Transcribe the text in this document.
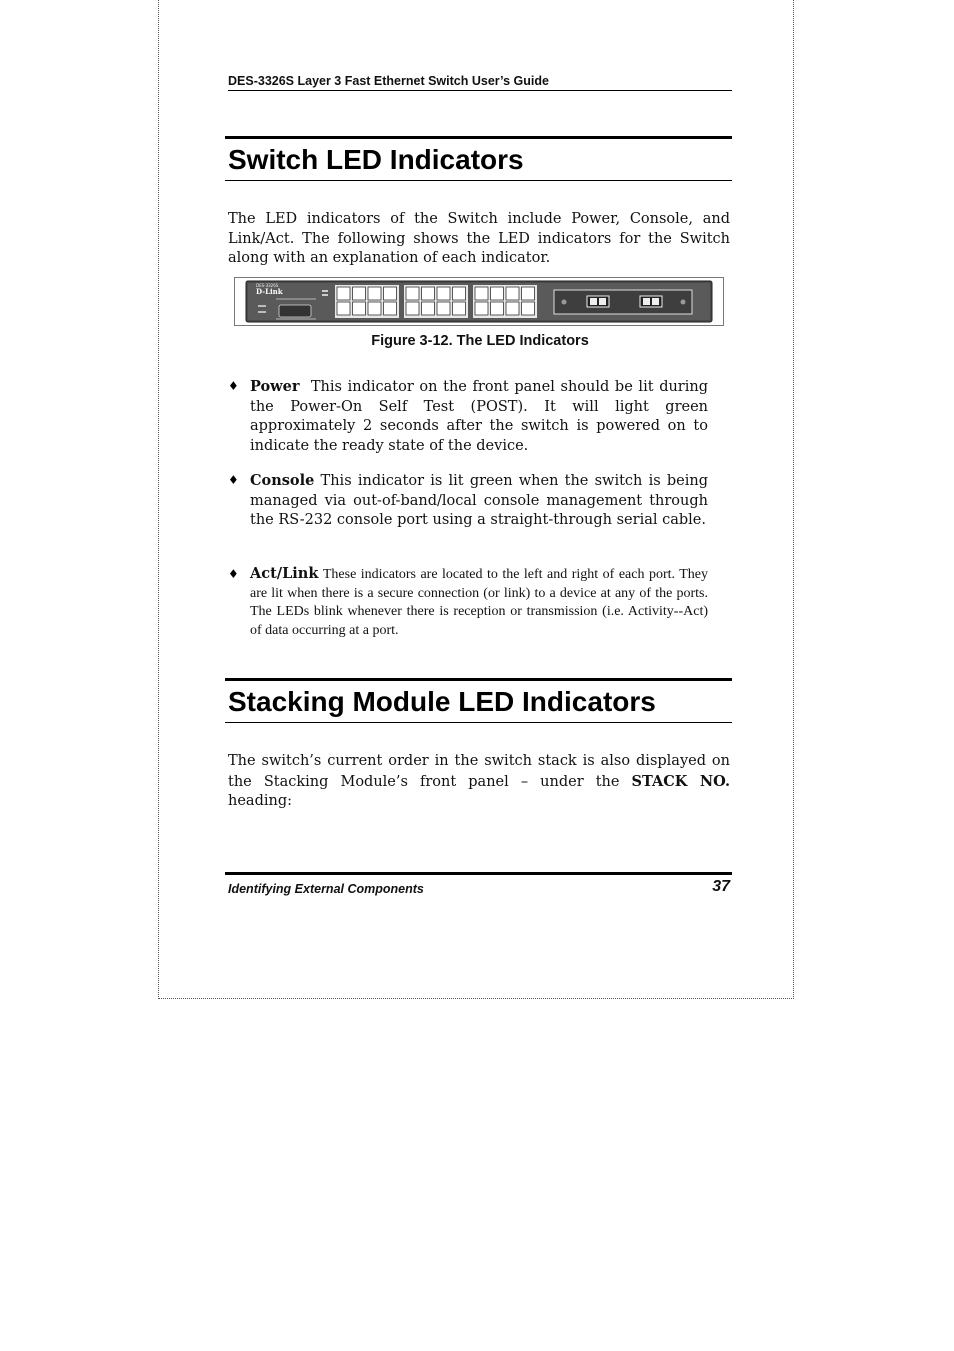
DES-3326S Layer 3 Fast Ethernet Switch User’s Guide
Switch LED Indicators

The LED indicators of the Switch include Power, Console, and Link/Act. The following shows the LED indicators for the Switch along with an explanation of each indicator.

DES-3326S
D-Link
Figure 3-12. The LED Indicators
♦ Power This indicator on the front panel should be lit during the Power-On Self Test (POST). It will light green approximately 2 seconds after the switch is powered on to indicate the ready state of the device.
♦ Console This indicator is lit green when the switch is being managed via out-of-band/local console management through the RS-232 console port using a straight-through serial cable.
♦ Act/Link These indicators are located to the left and right of each port. They are lit when there is a secure connection (or link) to a device at any of the ports. The LEDs blink whenever there is reception or transmission (i.e. Activity--Act) of data occurring at a port.
Stacking Module LED Indicators

The switch’s current order in the switch stack is also displayed on the Stacking Module’s front panel – under the STACK NO. heading:

Identifying External Components	37
